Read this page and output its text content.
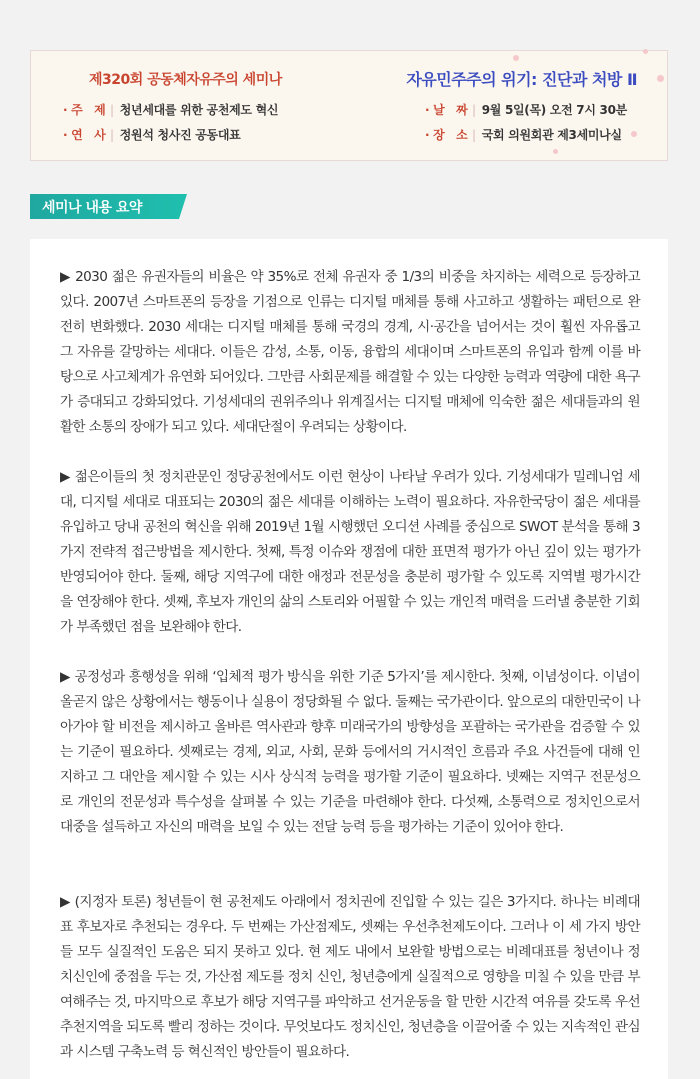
제320회 공동체자유주의 세미나	자유민주주의 위기: 진단과 처방 Ⅱ
· 주　제 | 청년세대를 위한 공천제도 혁신
· 연　사 | 정원석 청사진 공동대표
· 날　짜 | 9월 5일(목) 오전 7시 30분
· 장　소 | 국회 의원회관 제3세미나실
세미나 내용 요약
▶ 2030 젊은 유권자들의 비율은 약 35%로 전체 유권자 중 1/3의 비중을 차지하는 세력으로 등장하고 있다. 2007년 스마트폰의 등장을 기점으로 인류는 디지털 매체를 통해 사고하고 생활하는 패턴으로 완전히 변화했다. 2030 세대는 디지털 매체를 통해 국경의 경계, 시·공간을 넘어서는 것이 훨씬 자유롭고 그 자유를 갈망하는 세대다. 이들은 감성, 소통, 이동, 융합의 세대이며 스마트폰의 유입과 함께 이를 바탕으로 사고체계가 유연화 되어있다. 그만큼 사회문제를 해결할 수 있는 다양한 능력과 역량에 대한 욕구가 증대되고 강화되었다. 기성세대의 권위주의나 위계질서는 디지털 매체에 익숙한 젊은 세대들과의 원활한 소통의 장애가 되고 있다. 세대단절이 우려되는 상황이다.
▶ 젊은이들의 첫 정치관문인 정당공천에서도 이런 현상이 나타날 우려가 있다. 기성세대가 밀레니엄 세대, 디지털 세대로 대표되는 2030의 젊은 세대를 이해하는 노력이 필요하다. 자유한국당이 젊은 세대를 유입하고 당내 공천의 혁신을 위해 2019년 1월 시행했던 오디션 사례를 중심으로 SWOT 분석을 통해 3가지 전략적 접근방법을 제시한다. 첫째, 특정 이슈와 쟁점에 대한 표면적 평가가 아닌 깊이 있는 평가가 반영되어야 한다. 둘째, 해당 지역구에 대한 애정과 전문성을 충분히 평가할 수 있도록 지역별 평가시간을 연장해야 한다. 셋째, 후보자 개인의 삶의 스토리와 어필할 수 있는 개인적 매력을 드러낼 충분한 기회가 부족했던 점을 보완해야 한다.
▶ 공정성과 흥행성을 위해 ‘입체적 평가 방식을 위한 기준 5가지’를 제시한다. 첫째, 이념성이다. 이념이 올곧지 않은 상황에서는 행동이나 실용이 정당화될 수 없다. 둘째는 국가관이다. 앞으로의 대한민국이 나아가야 할 비전을 제시하고 올바른 역사관과 향후 미래국가의 방향성을 포괄하는 국가관을 검증할 수 있는 기준이 필요하다. 셋째로는 경제, 외교, 사회, 문화 등에서의 거시적인 흐름과 주요 사건들에 대해 인지하고 그 대안을 제시할 수 있는 시사 상식적 능력을 평가할 기준이 필요하다. 넷째는 지역구 전문성으로 개인의 전문성과 특수성을 살펴볼 수 있는 기준을 마련해야 한다. 다섯째, 소통력으로 정치인으로서 대중을 설득하고 자신의 매력을 보일 수 있는 전달 능력 등을 평가하는 기준이 있어야 한다.
▶ (지정자 토론) 청년들이 현 공천제도 아래에서 정치권에 진입할 수 있는 길은 3가지다. 하나는 비례대표 후보자로 추천되는 경우다. 두 번째는 가산점제도, 셋째는 우선추천제도이다. 그러나 이 세 가지 방안들 모두 실질적인 도움은 되지 못하고 있다. 현 제도 내에서 보완할 방법으로는 비례대표를 청년이나 정치신인에 중점을 두는 것, 가산점 제도를 정치 신인, 청년층에게 실질적으로 영향을 미칠 수 있을 만큼 부여해주는 것, 마지막으로 후보가 해당 지역구를 파악하고 선거운동을 할 만한 시간적 여유를 갖도록 우선추천지역을 되도록 빨리 정하는 것이다. 무엇보다도 정치신인, 청년층을 이끌어줄 수 있는 지속적인 관심과 시스템 구축노력 등 혁신적인 방안들이 필요하다.
